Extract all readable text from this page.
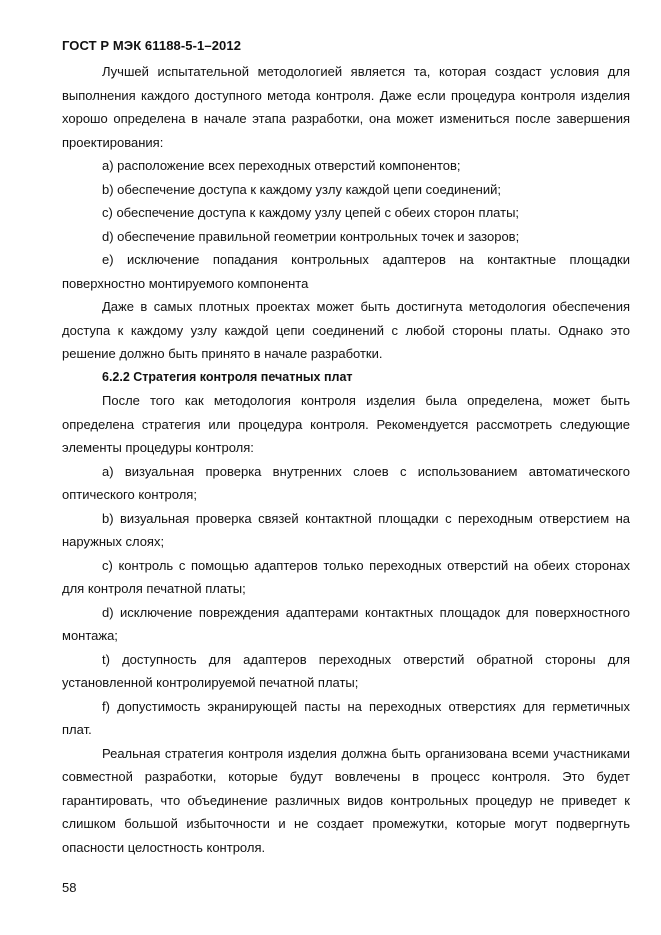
ГОСТ Р МЭК 61188-5-1–2012

Лучшей испытательной методологией является та, которая создаст условия для выполнения каждого доступного метода контроля. Даже если процедура контроля изделия хорошо определена в начале этапа разработки, она может измениться после завершения проектирования:

a) расположение всех переходных отверстий компонентов;

b) обеспечение доступа к каждому узлу каждой цепи соединений;

c) обеспечение доступа к каждому узлу цепей с обеих сторон платы;

d) обеспечение правильной геометрии контрольных точек и зазоров;

e) исключение попадания контрольных адаптеров на контактные площадки поверхностно монтируемого компонента

Даже в самых плотных проектах может быть достигнута методология обеспечения доступа к каждому узлу каждой цепи соединений с любой стороны платы. Однако это решение должно быть принято в начале разработки.

6.2.2 Стратегия контроля печатных плат

После того как методология контроля изделия была определена, может быть определена стратегия или процедура контроля. Рекомендуется рассмотреть следующие элементы процедуры контроля:

a) визуальная проверка внутренних слоев с использованием автоматического оптического контроля;

b) визуальная проверка связей контактной площадки с переходным отверстием на наружных слоях;

c) контроль с помощью адаптеров только переходных отверстий на обеих сторонах для контроля печатной платы;

d) исключение повреждения адаптерами контактных площадок для поверхностного монтажа;

t) доступность для адаптеров переходных отверстий обратной стороны для установленной контролируемой печатной платы;

f) допустимость экранирующей пасты на переходных отверстиях для герметичных плат.

Реальная стратегия контроля изделия должна быть организована всеми участниками совместной разработки, которые будут вовлечены в процесс контроля. Это будет гарантировать, что объединение различных видов контрольных процедур не приведет к слишком большой избыточности и не создает промежутки, которые могут подвергнуть опасности целостность контроля.

58
